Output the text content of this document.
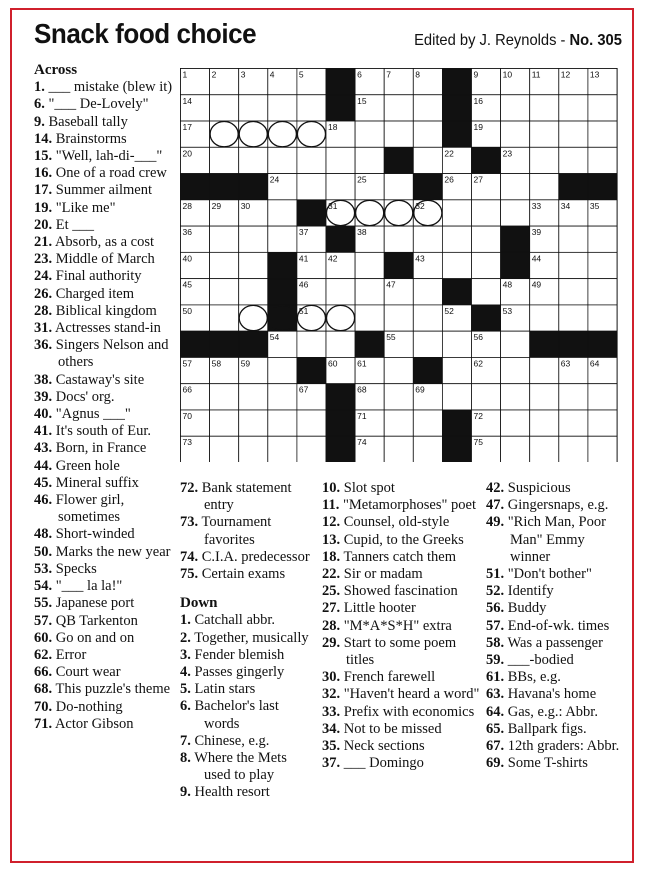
Snack food choice	Edited by J. Reynolds - No. 305
Across
1. ___ mistake (blew it)
6. "___ De-Lovely"
9. Baseball tally
14. Brainstorms
15. "Well, lah-di-___"
16. One of a road crew
17. Summer ailment
19. "Like me"
20. Et ___
21. Absorb, as a cost
23. Middle of March
24. Final authority
26. Charged item
28. Biblical kingdom
31. Actresses stand-in
36. Singers Nelson and others
38. Castaway's site
39. Docs' org.
40. "Agnus ___"
41. It's south of Eur.
43. Born, in France
44. Green hole
45. Mineral suffix
46. Flower girl, sometimes
48. Short-winded
50. Marks the new year
53. Specks
54. "___ la la!"
55. Japanese port
57. QB Tarkenton
60. Go on and on
62. Error
66. Court wear
68. This puzzle's theme
70. Do-nothing
71. Actor Gibson
1	2	3	4	5	6	7	8	9	10 11 12 13
14	15	16
17	18	19
20	22	23
24	25	26 27
28 29 30	31	32	33 34 35
36	37	38	39
40	41 42	43	44
45	46	47	48 49
50	51	52	53
54	55	56
57 58 59	60 61	62	63 64
66	67	68	69
70	71	72
73	74	75
72. Bank statement entry
73. Tournament favorites
74. C.I.A. predecessor
75. Certain exams
Down
1. Catchall abbr.
2. Together, musically
3. Fender blemish
4. Passes gingerly
5. Latin stars
6. Bachelor's last words
7. Chinese, e.g.
8. Where the Mets used to play
9. Health resort
10. Slot spot
11. "Metamorphoses" poet
12. Counsel, old-style
13. Cupid, to the Greeks
18. Tanners catch them
22. Sir or madam
25. Showed fascination
27. Little hooter
28. "M*A*S*H" extra
29. Start to some poem titles
30. French farewell
32. "Haven't heard a word"
33. Prefix with economics
34. Not to be missed
35. Neck sections
37. ___ Domingo
42. Suspicious
47. Gingersnaps, e.g.
49. "Rich Man, Poor Man" Emmy winner
51. "Don't bother"
52. Identify
56. Buddy
57. End-of-wk. times
58. Was a passenger
59. ___-bodied
61. BBs, e.g.
63. Havana's home
64. Gas, e.g.: Abbr.
65. Ballpark figs.
67. 12th graders: Abbr.
69. Some T-shirts
